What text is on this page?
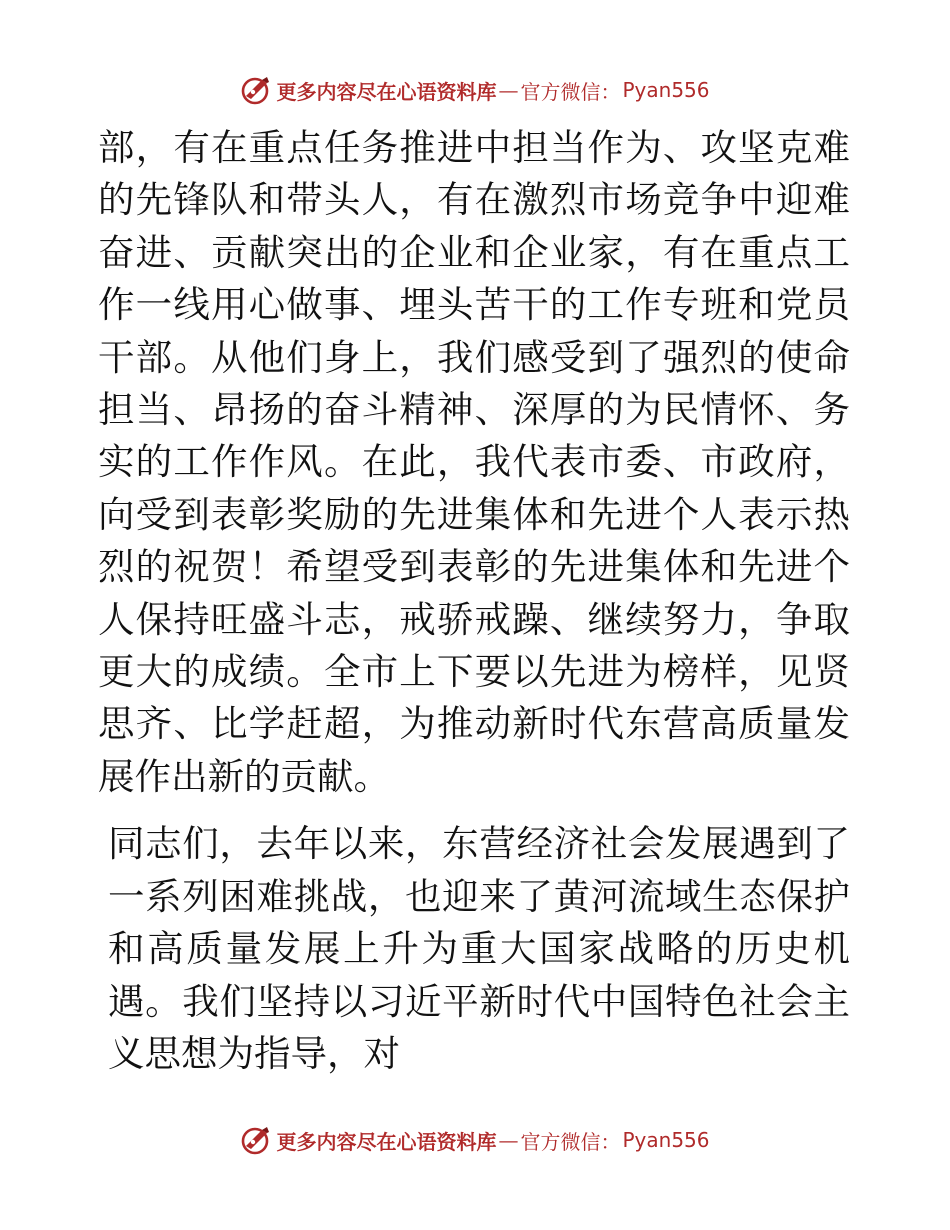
更多内容尽在心语资料库 — 官方微信： Pyan556

部，有在重点任务推进中担当作为、攻坚克难的先锋队和带头人，有在激烈市场竞争中迎难奋进、贡献突出的企业和企业家，有在重点工作一线用心做事、埋头苦干的工作专班和党员干部。从他们身上，我们感受到了强烈的使命担当、昂扬的奋斗精神、深厚的为民情怀、务实的工作作风。在此，我代表市委、市政府，向受到表彰奖励的先进集体和先进个人表示热烈的祝贺！希望受到表彰的先进集体和先进个人保持旺盛斗志，戒骄戒躁、继续努力，争取更大的成绩。全市上下要以先进为榜样，见贤思齐、比学赶超，为推动新时代东营高质量发展作出新的贡献。

同志们，去年以来，东营经济社会发展遇到了一系列困难挑战，也迎来了黄河流域生态保护和高质量发展上升为重大国家战略的历史机遇。我们坚持以习近平新时代中国特色社会主义思想为指导，对

更多内容尽在心语资料库 — 官方微信： Pyan556
